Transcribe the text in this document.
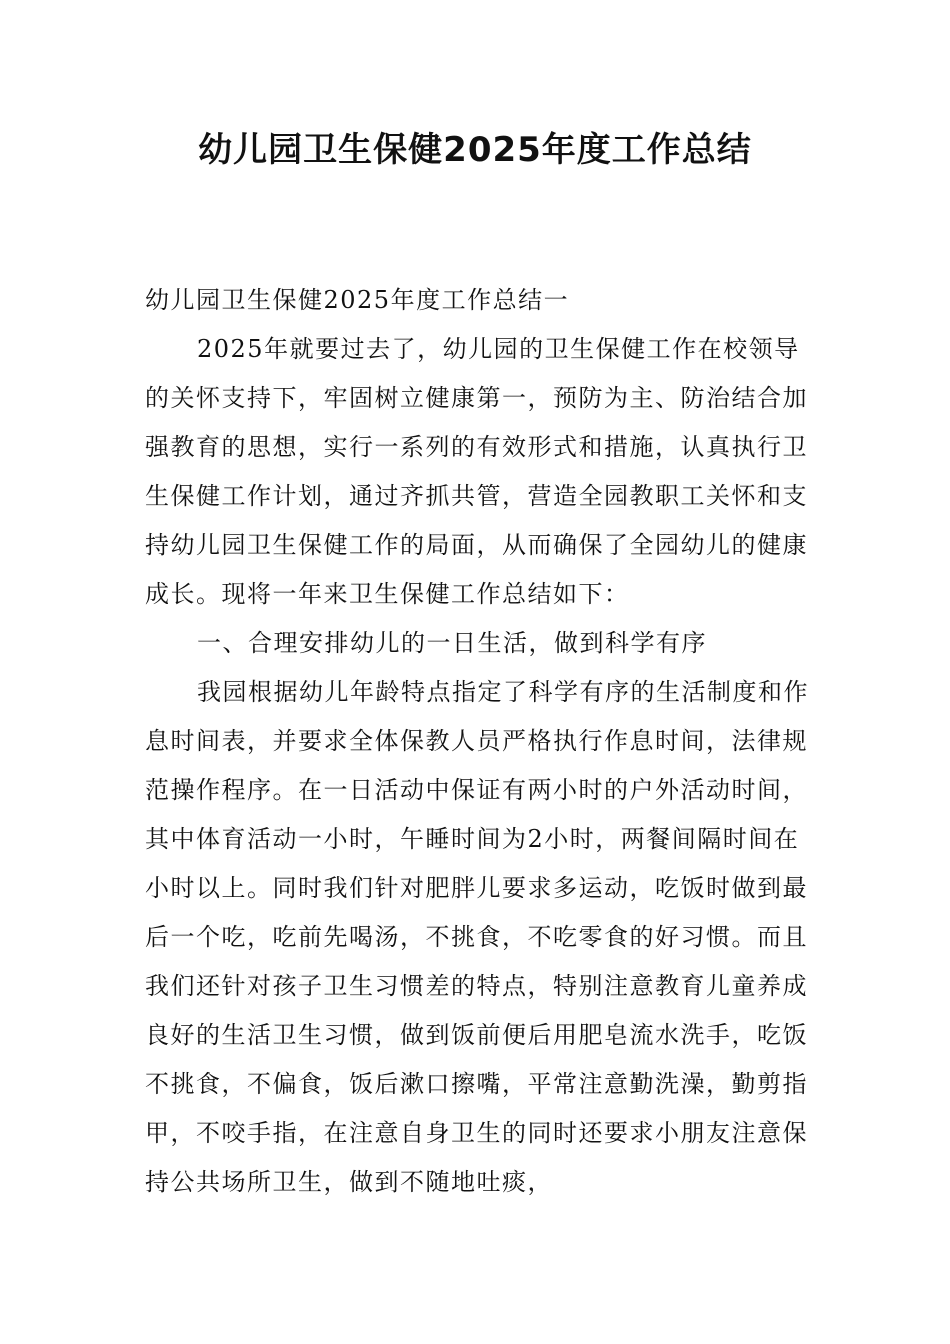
幼儿园卫生保健2025年度工作总结

幼儿园卫生保健2025年度工作总结一

2025年就要过去了，幼儿园的卫生保健工作在校领导的关怀支持下，牢固树立健康第一，预防为主、防治结合加强教育的思想，实行一系列的有效形式和措施，认真执行卫生保健工作计划，通过齐抓共管，营造全园教职工关怀和支持幼儿园卫生保健工作的局面，从而确保了全园幼儿的健康成长。现将一年来卫生保健工作总结如下：

一、合理安排幼儿的一日生活，做到科学有序

我园根据幼儿年龄特点指定了科学有序的生活制度和作息时间表，并要求全体保教人员严格执行作息时间，法律规范操作程序。在一日活动中保证有两小时的户外活动时间，其中体育活动一小时，午睡时间为2小时，两餐间隔时间在小时以上。同时我们针对肥胖儿要求多运动，吃饭时做到最后一个吃，吃前先喝汤，不挑食，不吃零食的好习惯。而且我们还针对孩子卫生习惯差的特点，特别注意教育儿童养成良好的生活卫生习惯，做到饭前便后用肥皂流水洗手，吃饭不挑食，不偏食，饭后漱口擦嘴，平常注意勤洗澡，勤剪指甲，不咬手指，在注意自身卫生的同时还要求小朋友注意保持公共场所卫生，做到不随地吐痰，
